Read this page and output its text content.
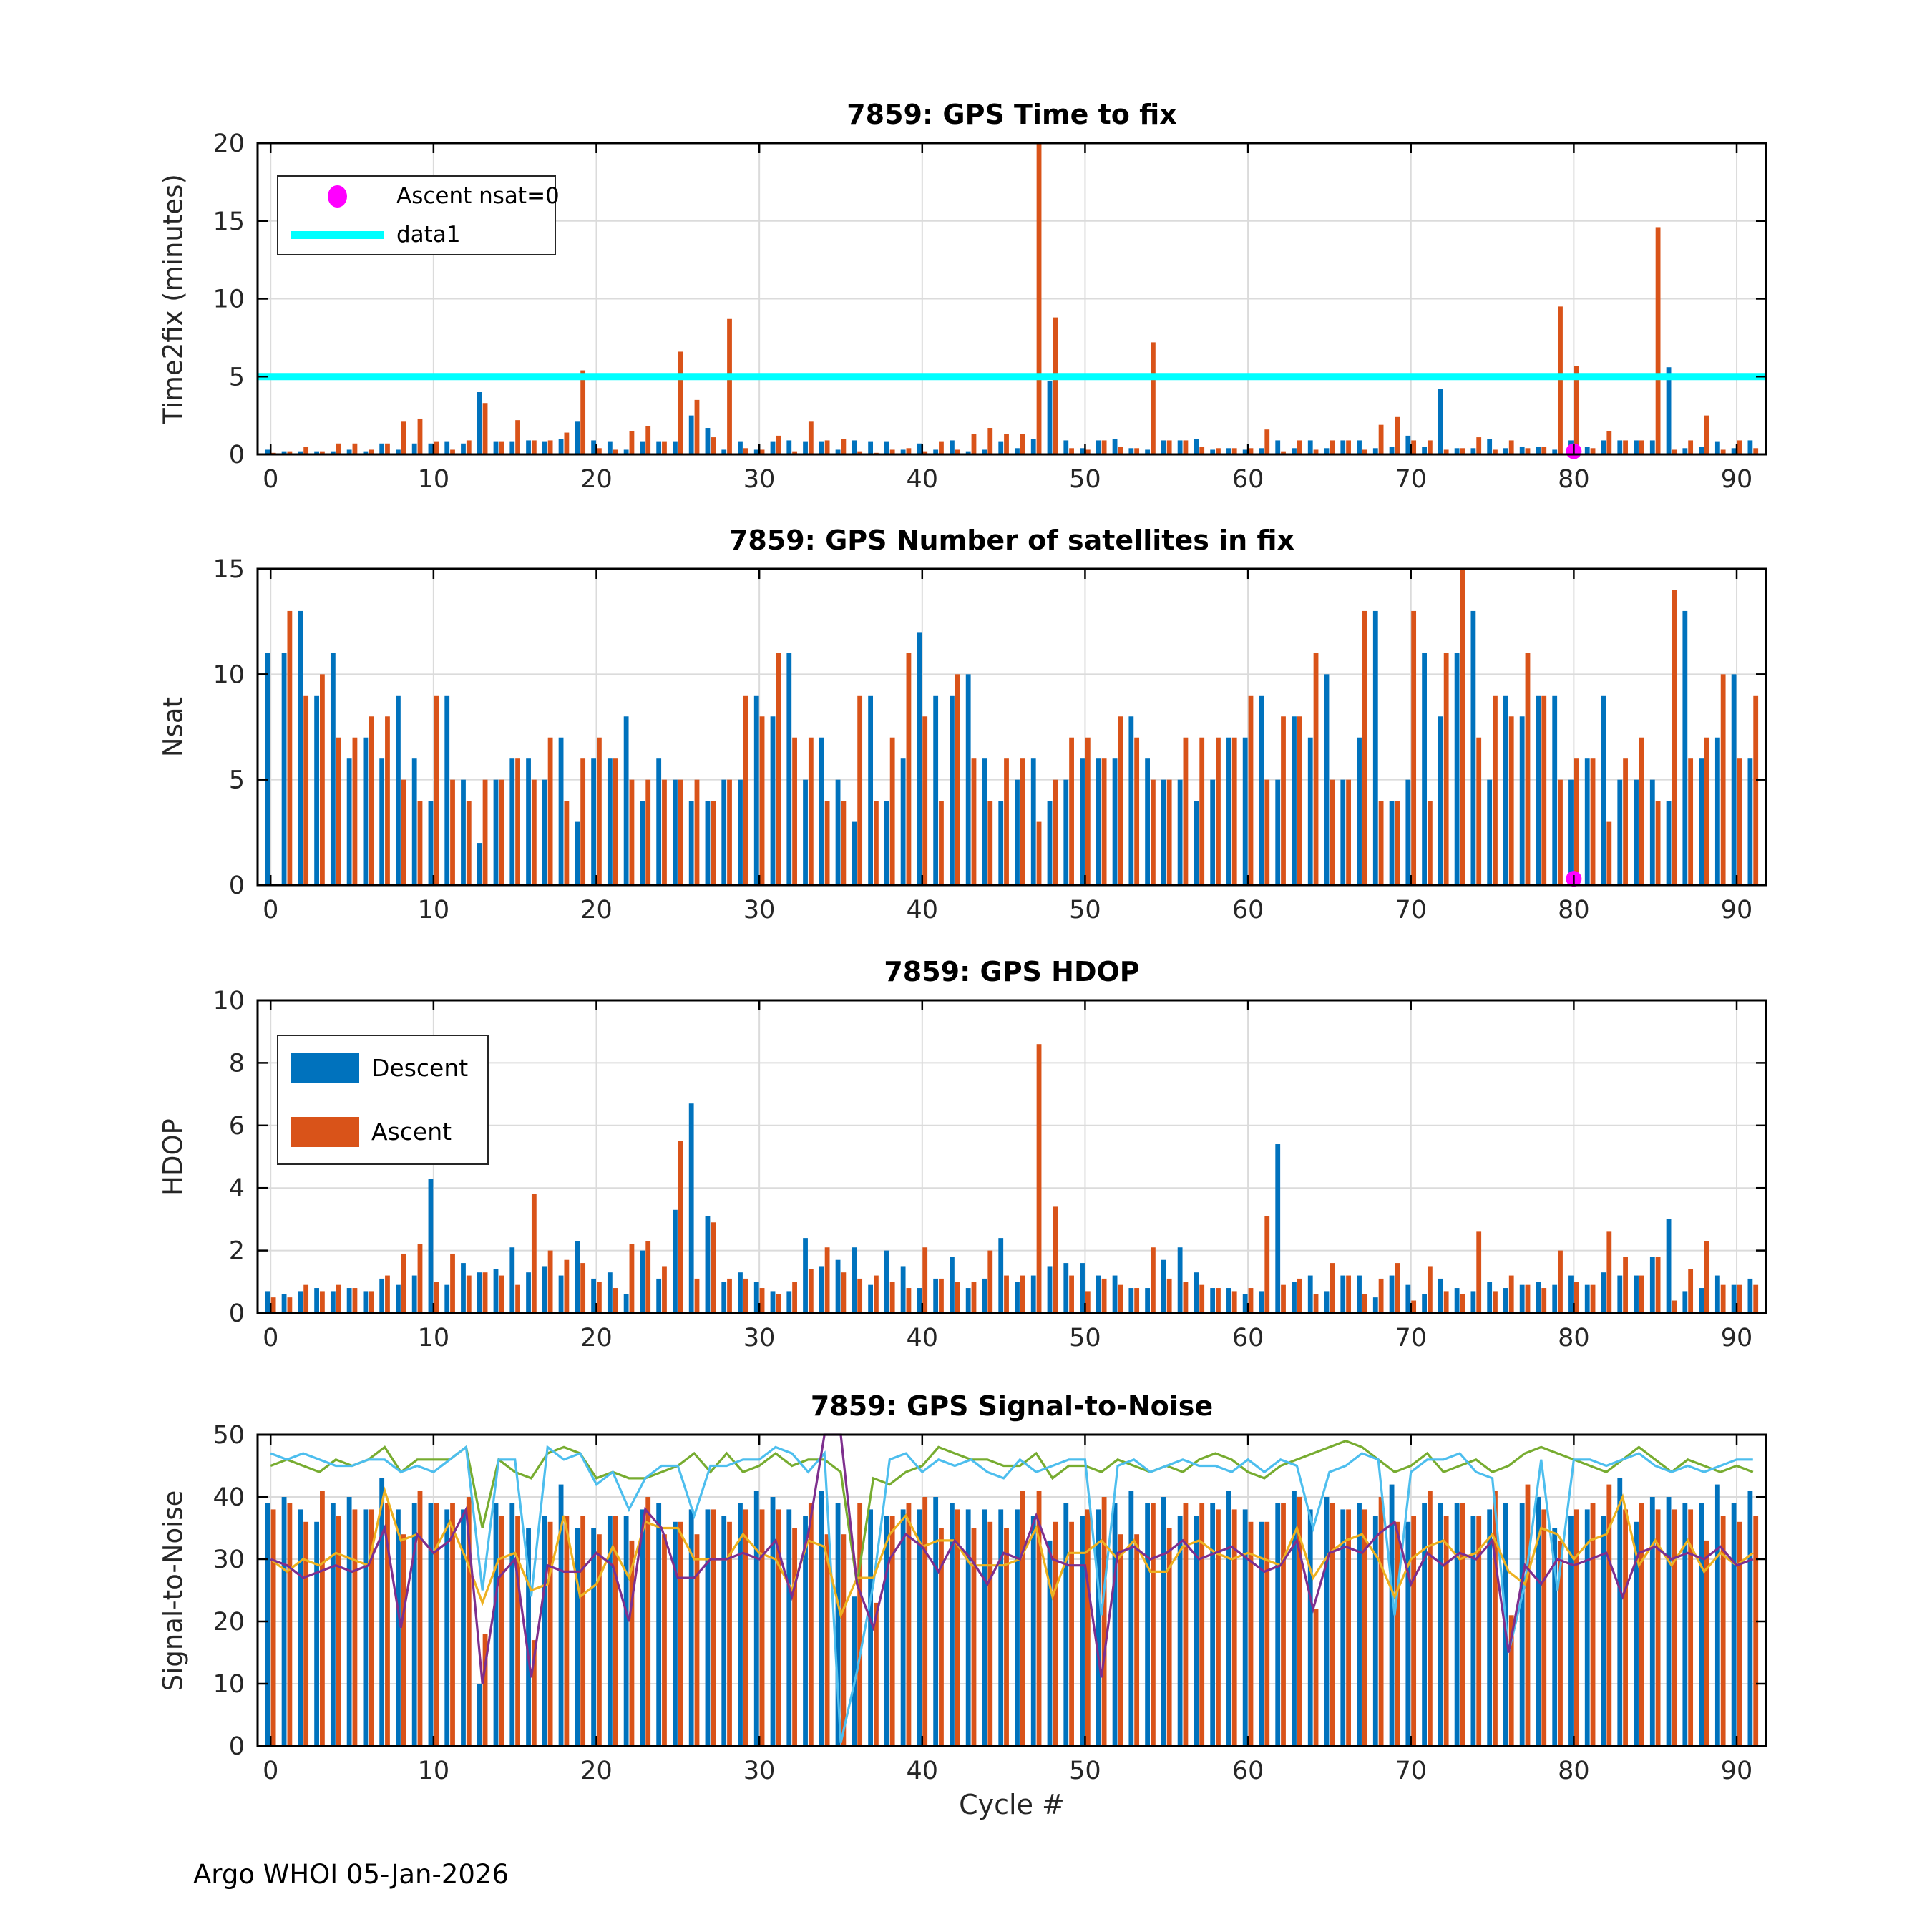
7859: GPS Time to fix
Time2fix (minutes)
0	10	20	30	40	50	60	70	80	90
0
5
10
15
20
Ascent nsat=0
data1
7859: GPS Number of satellites in fix
Nsat
0	10	20	30	40	50	60	70	80	90
0
5
10
15
7859: GPS HDOP
HDOP
0	10	20	30	40	50	60	70	80	90
0
2
4
6
8
10
Descent
Ascent
7859: GPS Signal-to-Noise
Signal-to-Noise
0	10	20	30	40	50	60	70	80	90
0
10
20
30
40
50
Cycle #
Argo WHOI 05-Jan-2026
